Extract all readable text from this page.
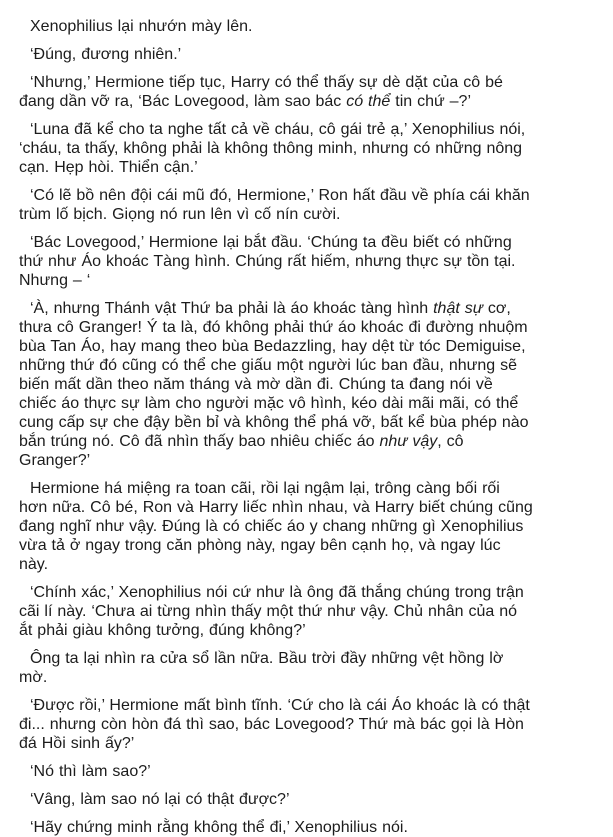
Xenophilius lại nhướn mày lên.

‘Đúng, đương nhiên.’

‘Nhưng,’ Hermione tiếp tục, Harry có thể thấy sự dè dặt của cô bé
đang dần vỡ ra, ‘Bác Lovegood, làm sao bác có thể tin chứ –?’

‘Luna đã kể cho ta nghe tất cả về cháu, cô gái trẻ ạ,’ Xenophilius nói,
‘cháu, ta thấy, không phải là không thông minh, nhưng có những nông
cạn. Hẹp hòi. Thiển cận.’

‘Có lẽ bồ nên đội cái mũ đó, Hermione,’ Ron hất đầu về phía cái khăn
trùm lố bịch. Giọng nó run lên vì cố nín cười.

‘Bác Lovegood,’ Hermione lại bắt đầu. ‘Chúng ta đều biết có những
thứ như Áo khoác Tàng hình. Chúng rất hiếm, nhưng thực sự tồn tại.
Nhưng – ‘

‘À, nhưng Thánh vật Thứ ba phải là áo khoác tàng hình thật sự cơ,
thưa cô Granger! Ý ta là, đó không phải thứ áo khoác đi đường nhuộm
bùa Tan Áo, hay mang theo bùa Bedazzling, hay dệt từ tóc Demiguise,
những thứ đó cũng có thể che giấu một người lúc ban đầu, nhưng sẽ
biến mất dần theo năm tháng và mờ dần đi. Chúng ta đang nói về
chiếc áo thực sự làm cho người mặc vô hình, kéo dài mãi mãi, có thể
cung cấp sự che đậy bền bỉ và không thể phá vỡ, bất kể bùa phép nào
bắn trúng nó. Cô đã nhìn thấy bao nhiêu chiếc áo như vậy, cô
Granger?’

Hermione há miệng ra toan cãi, rồi lại ngậm lại, trông càng bối rối
hơn nữa. Cô bé, Ron và Harry liếc nhìn nhau, và Harry biết chúng cũng
đang nghĩ như vậy. Đúng là có chiếc áo y chang những gì Xenophilius
vừa tả ở ngay trong căn phòng này, ngay bên cạnh họ, và ngay lúc
này.

‘Chính xác,’ Xenophilius nói cứ như là ông đã thắng chúng trong trận
cãi lí này. ‘Chưa ai từng nhìn thấy một thứ như vậy. Chủ nhân của nó
ắt phải giàu không tưởng, đúng không?’

Ông ta lại nhìn ra cửa sổ lần nữa. Bầu trời đầy những vệt hồng lờ
mờ.

‘Được rồi,’ Hermione mất bình tĩnh. ‘Cứ cho là cái Áo khoác là có thật
đi... nhưng còn hòn đá thì sao, bác Lovegood? Thứ mà bác gọi là Hòn
đá Hồi sinh ấy?’

‘Nó thì làm sao?’

‘Vâng, làm sao nó lại có thật được?’

‘Hãy chứng minh rằng không thể đi,’ Xenophilius nói.
